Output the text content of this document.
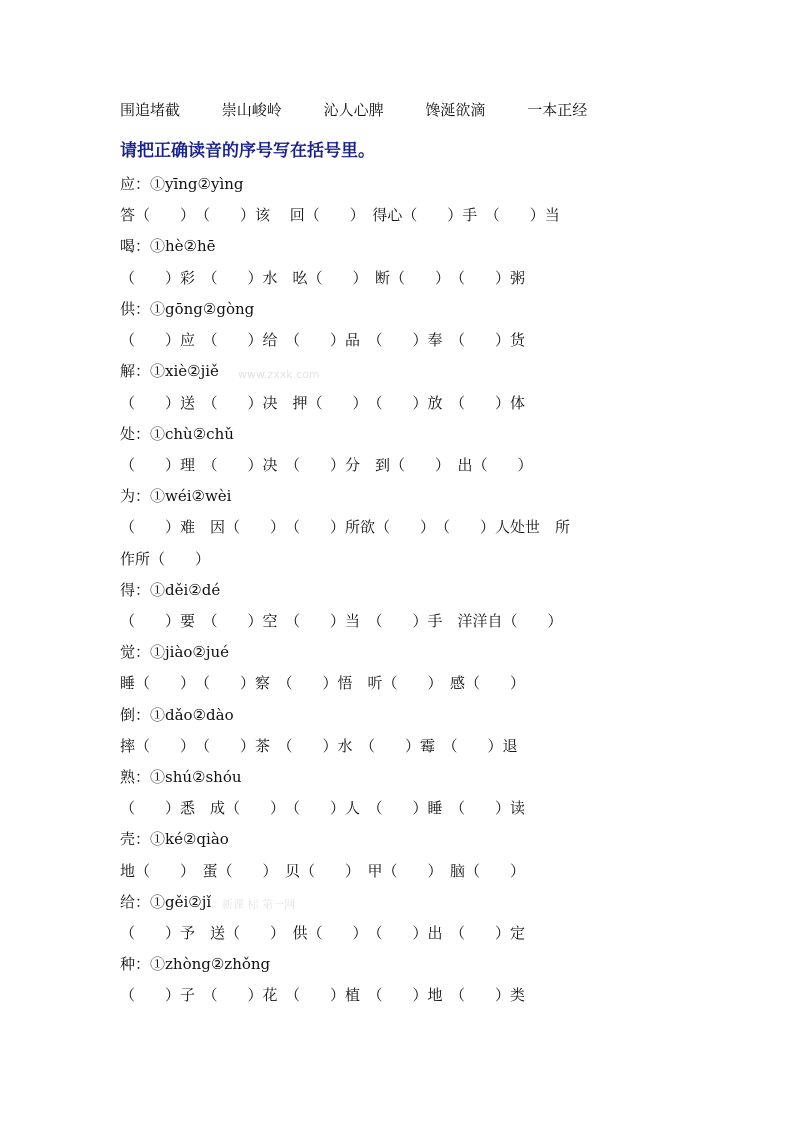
围追堵截	崇山峻岭	沁人心脾	馋涎欲滴	一本正经
请把正确读音的序号写在括号里。
应：①yīng②yìng
答（　　）　（　　）该　 回（　　）　得心（　　）手　（　　）当
喝：①hè②hē
（　　）彩　（　　）水　吆（　　）　断（　　）　（　　）粥
供：①gōng②gòng
（　　）应　（　　）给　（　　）品　（　　）奉　（　　）货
解：①xiè②jiě
（　　）送　（　　）决　押（　　）　（　　）放　（　　）体
处：①chù②chǔ
（　　）理　（　　）决　（　　）分　到（　　）　出（　　）
为：①wéi②wèi
（　　）难　因（　　）　（　　）所欲（　　）　（　　）人处世　所
作所（　　）
得：①děi②dé
（　　）要　（　　）空　（　　）当　（　　）手　洋洋自（　　）
觉：①jiào②jué
睡（　　）　（　　）察　（　　）悟　听（　　）　感（　　）
倒：①dǎo②dào
摔（　　）　（　　）茶　（　　）水　（　　）霉　（　　）退
熟：①shú②shóu
（　　）悉　成（　　）　（　　）人　（　　）睡　（　　）读
壳：①ké②qiào
地（　　）　蛋（　　）　贝（　　）　甲（　　）　脑（　　）
给：①gěi②jǐ
（　　）予　送（　　）　供（　　）　（　　）出　（　　）定
种：①zhòng②zhǒng
（　　）子　（　　）花　（　　）植　（　　）地　（　　）类
www.zxxk.com
新课 标 第一网
